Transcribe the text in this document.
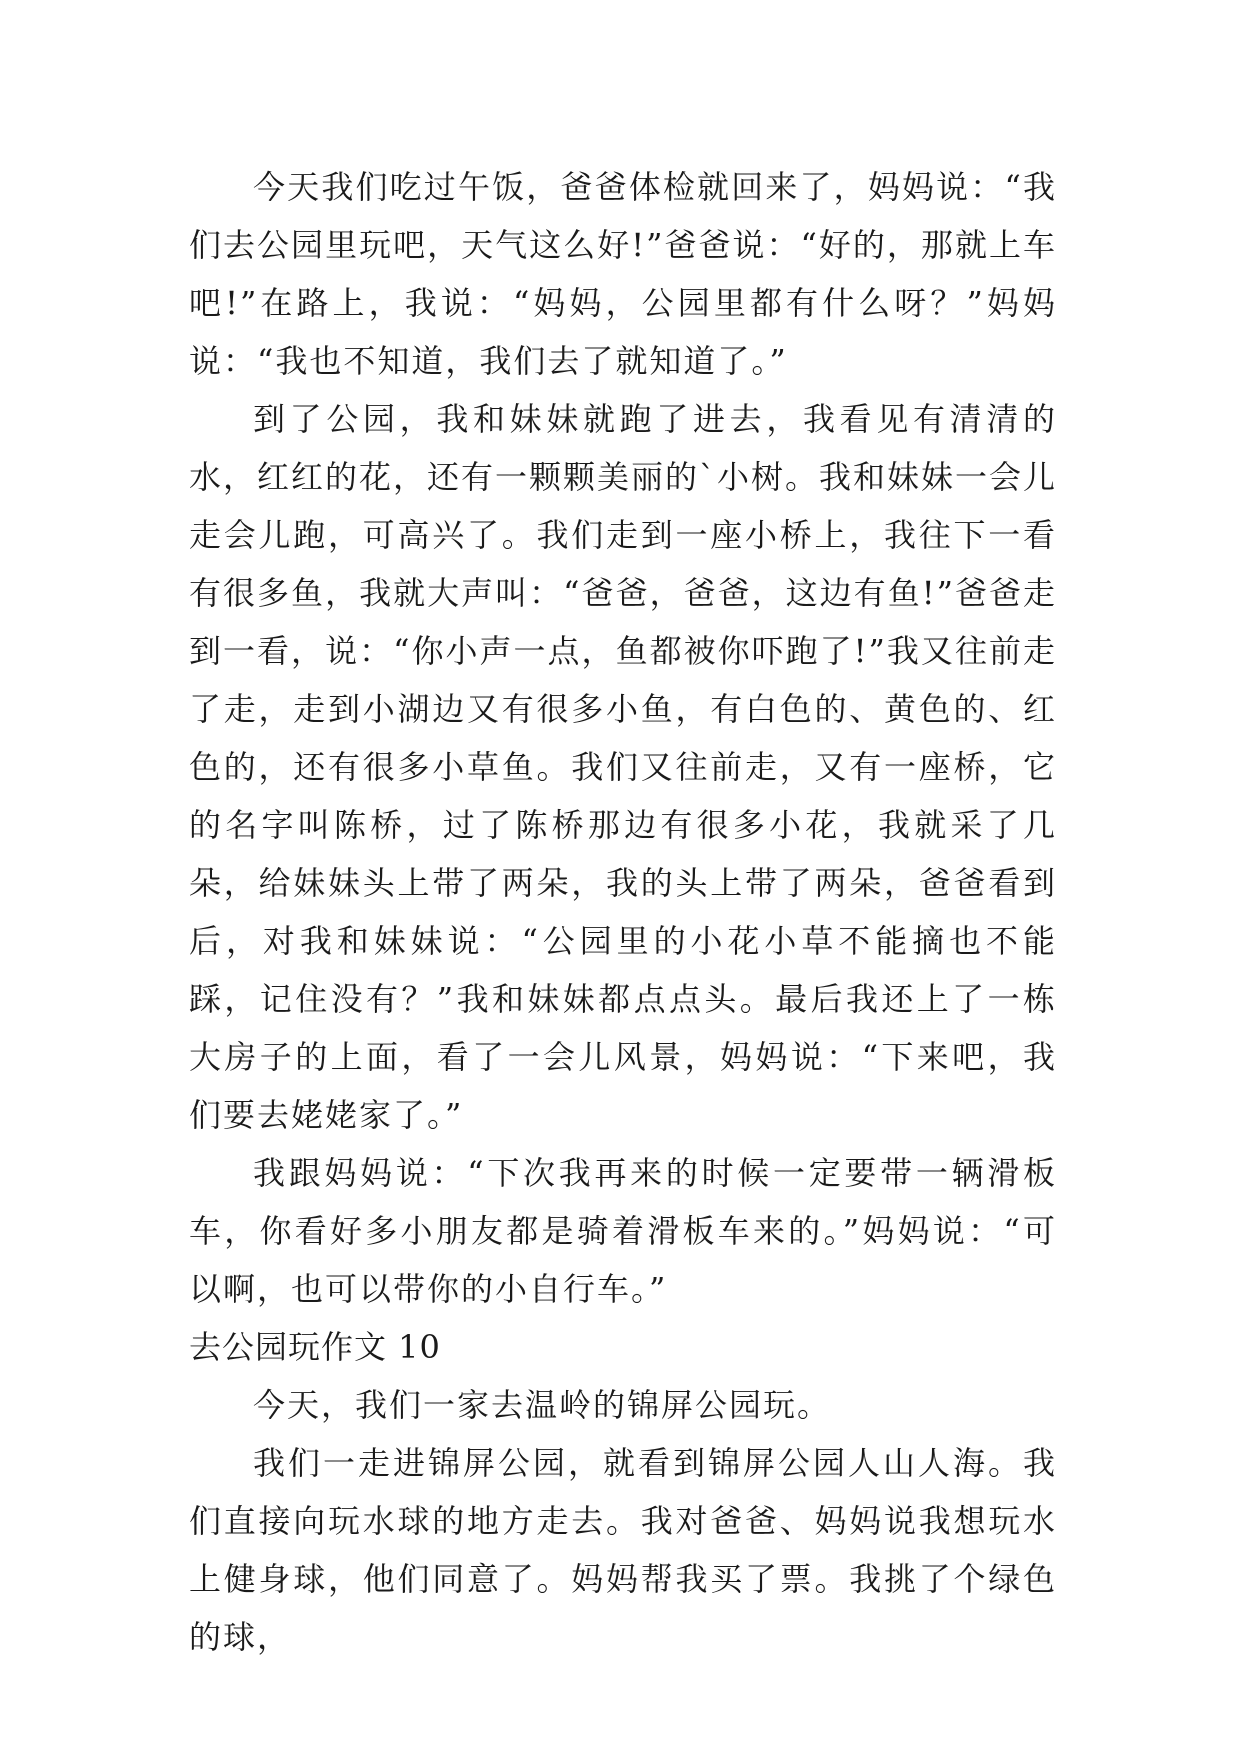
今天我们吃过午饭，爸爸体检就回来了，妈妈说：“我们去公园里玩吧，天气这么好!”爸爸说：“好的，那就上车吧!”在路上，我说：“妈妈，公园里都有什么呀？”妈妈说：“我也不知道，我们去了就知道了。”

到了公园，我和妹妹就跑了进去，我看见有清清的水，红红的花，还有一颗颗美丽的`小树。我和妹妹一会儿走会儿跑，可高兴了。我们走到一座小桥上，我往下一看有很多鱼，我就大声叫：“爸爸，爸爸，这边有鱼!”爸爸走到一看，说：“你小声一点，鱼都被你吓跑了!”我又往前走了走，走到小湖边又有很多小鱼，有白色的、黄色的、红色的，还有很多小草鱼。我们又往前走，又有一座桥，它的名字叫陈桥，过了陈桥那边有很多小花，我就采了几朵，给妹妹头上带了两朵，我的头上带了两朵，爸爸看到后，对我和妹妹说：“公园里的小花小草不能摘也不能踩，记住没有？”我和妹妹都点点头。最后我还上了一栋大房子的上面，看了一会儿风景，妈妈说：“下来吧，我们要去姥姥家了。”

我跟妈妈说：“下次我再来的时候一定要带一辆滑板车，你看好多小朋友都是骑着滑板车来的。”妈妈说：“可以啊，也可以带你的小自行车。”

去公园玩作文 10

今天，我们一家去温岭的锦屏公园玩。

我们一走进锦屏公园，就看到锦屏公园人山人海。我们直接向玩水球的地方走去。我对爸爸、妈妈说我想玩水上健身球，他们同意了。妈妈帮我买了票。我挑了个绿色的球，
